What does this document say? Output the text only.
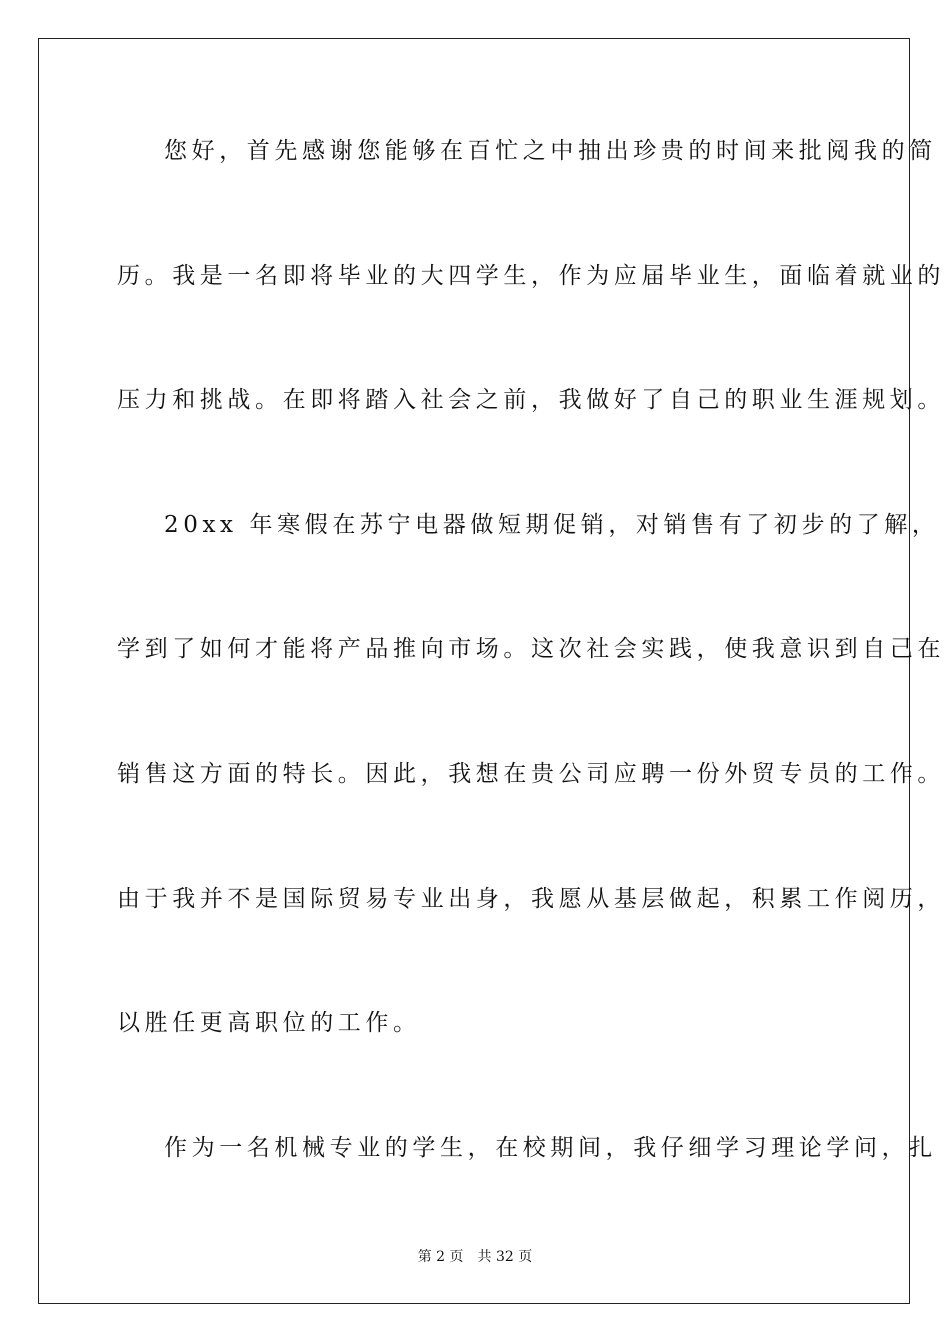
您好，首先感谢您能够在百忙之中抽出珍贵的时间来批阅我的简
历。我是一名即将毕业的大四学生，作为应届毕业生，面临着就业的
压力和挑战。在即将踏入社会之前，我做好了自己的职业生涯规划。
20xx 年寒假在苏宁电器做短期促销，对销售有了初步的了解，
学到了如何才能将产品推向市场。这次社会实践，使我意识到自己在
销售这方面的特长。因此，我想在贵公司应聘一份外贸专员的工作。
由于我并不是国际贸易专业出身，我愿从基层做起，积累工作阅历，
以胜任更高职位的工作。
作为一名机械专业的学生，在校期间，我仔细学习理论学问，扎
第 2 页 共 32 页
